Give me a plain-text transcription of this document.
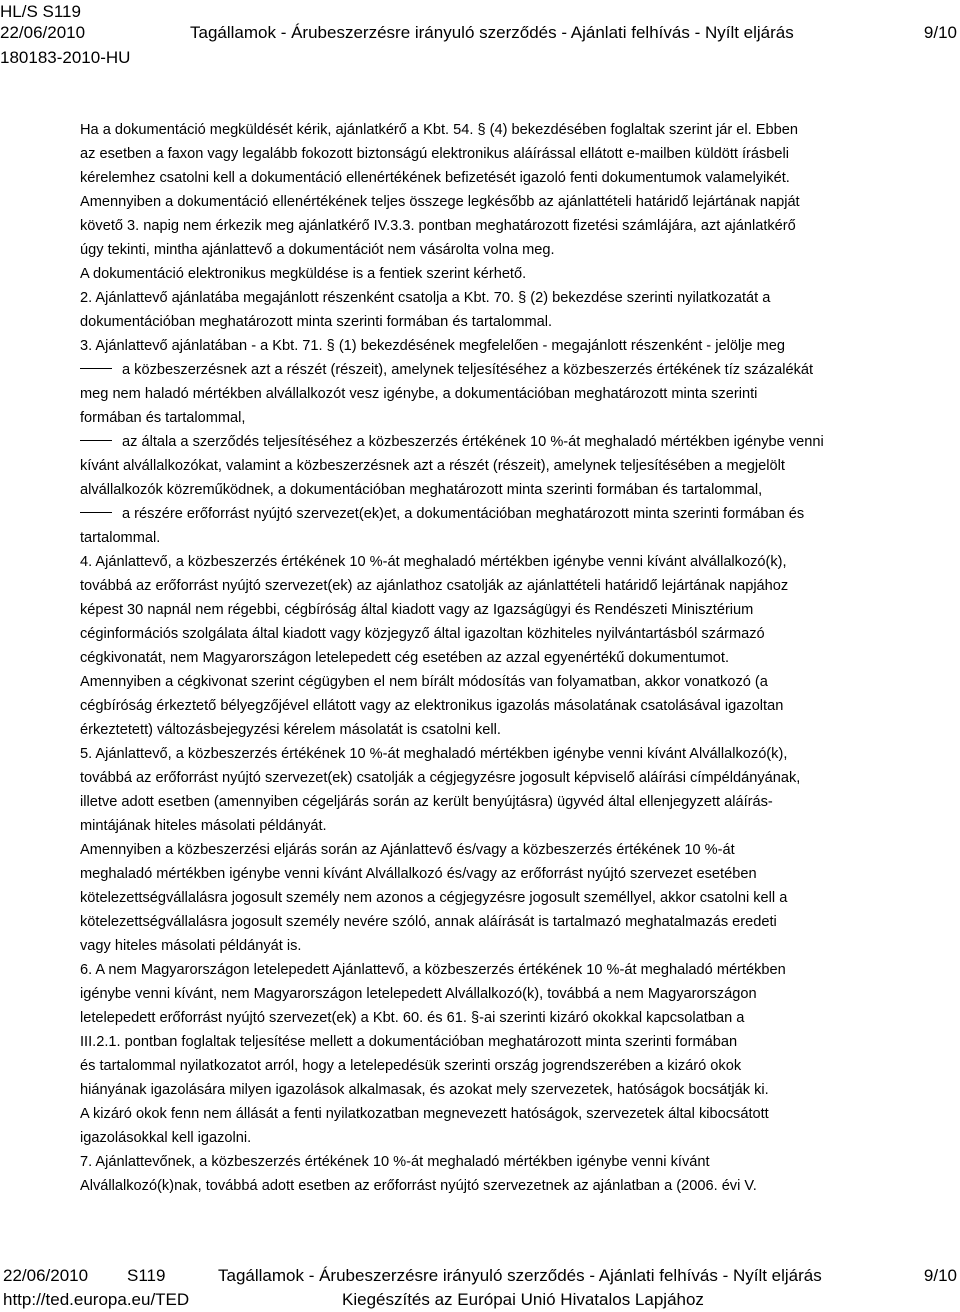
HL/S S119
22/06/2010	Tagállamok - Árubeszerzésre irányuló szerződés - Ajánlati felhívás - Nyílt eljárás	9/10
180183-2010-HU
Ha a dokumentáció megküldését kérik, ajánlatkérő a Kbt. 54. § (4) bekezdésében foglaltak szerint jár el. Ebben
az esetben a faxon vagy legalább fokozott biztonságú elektronikus aláírással ellátott e-mailben küldött írásbeli
kérelemhez csatolni kell a dokumentáció ellenértékének befizetését igazoló fenti dokumentumok valamelyikét.
Amennyiben a dokumentáció ellenértékének teljes összege legkésőbb az ajánlattételi határidő lejártának napját
követő 3. napig nem érkezik meg ajánlatkérő IV.3.3. pontban meghatározott fizetési számlájára, azt ajánlatkérő
úgy tekinti, mintha ajánlattevő a dokumentációt nem vásárolta volna meg.
A dokumentáció elektronikus megküldése is a fentiek szerint kérhető.
2. Ajánlattevő ajánlatába megajánlott részenként csatolja a Kbt. 70. § (2) bekezdése szerinti nyilatkozatát a
dokumentációban meghatározott minta szerinti formában és tartalommal.
3. Ajánlattevő ajánlatában - a Kbt. 71. § (1) bekezdésének megfelelően - megajánlott részenként - jelölje meg
a közbeszerzésnek azt a részét (részeit), amelynek teljesítéséhez a közbeszerzés értékének tíz százalékát
meg nem haladó mértékben alvállalkozót vesz igénybe, a dokumentációban meghatározott minta szerinti
formában és tartalommal,
az általa a szerződés teljesítéséhez a közbeszerzés értékének 10 %-át meghaladó mértékben igénybe venni
kívánt alvállalkozókat, valamint a közbeszerzésnek azt a részét (részeit), amelynek teljesítésében a megjelölt
alvállalkozók közreműködnek, a dokumentációban meghatározott minta szerinti formában és tartalommal,
a részére erőforrást nyújtó szervezet(ek)et, a dokumentációban meghatározott minta szerinti formában és
tartalommal.
4. Ajánlattevő, a közbeszerzés értékének 10 %-át meghaladó mértékben igénybe venni kívánt alvállalkozó(k),
továbbá az erőforrást nyújtó szervezet(ek) az ajánlathoz csatolják az ajánlattételi határidő lejártának napjához
képest 30 napnál nem régebbi, cégbíróság által kiadott vagy az Igazságügyi és Rendészeti Minisztérium
céginformációs szolgálata által kiadott vagy közjegyző által igazoltan közhiteles nyilvántartásból származó
cégkivonatát, nem Magyarországon letelepedett cég esetében az azzal egyenértékű dokumentumot.
Amennyiben a cégkivonat szerint cégügyben el nem bírált módosítás van folyamatban, akkor vonatkozó (a
cégbíróság érkeztető bélyegzőjével ellátott vagy az elektronikus igazolás másolatának csatolásával igazoltan
érkeztetett) változásbejegyzési kérelem másolatát is csatolni kell.
5. Ajánlattevő, a közbeszerzés értékének 10 %-át meghaladó mértékben igénybe venni kívánt Alvállalkozó(k),
továbbá az erőforrást nyújtó szervezet(ek) csatolják a cégjegyzésre jogosult képviselő aláírási címpéldányának,
illetve adott esetben (amennyiben cégeljárás során az került benyújtásra) ügyvéd által ellenjegyzett aláírás-
mintájának hiteles másolati példányát.
Amennyiben a közbeszerzési eljárás során az Ajánlattevő és/vagy a közbeszerzés értékének 10 %-át
meghaladó mértékben igénybe venni kívánt Alvállalkozó és/vagy az erőforrást nyújtó szervezet esetében
kötelezettségvállalásra jogosult személy nem azonos a cégjegyzésre jogosult személlyel, akkor csatolni kell a
kötelezettségvállalásra jogosult személy nevére szóló, annak aláírását is tartalmazó meghatalmazás eredeti
vagy hiteles másolati példányát is.
6. A nem Magyarországon letelepedett Ajánlattevő, a közbeszerzés értékének 10 %-át meghaladó mértékben
igénybe venni kívánt, nem Magyarországon letelepedett Alvállalkozó(k), továbbá a nem Magyarországon
letelepedett erőforrást nyújtó szervezet(ek) a Kbt. 60. és 61. §-ai szerinti kizáró okokkal kapcsolatban a
III.2.1. pontban foglaltak teljesítése mellett a dokumentációban meghatározott minta szerinti formában
és tartalommal nyilatkozatot arról, hogy a letelepedésük szerinti ország jogrendszerében a kizáró okok
hiányának igazolására milyen igazolások alkalmasak, és azokat mely szervezetek, hatóságok bocsátják ki.
A kizáró okok fenn nem állását a fenti nyilatkozatban megnevezett hatóságok, szervezetek által kibocsátott
igazolásokkal kell igazolni.
7. Ajánlattevőnek, a közbeszerzés értékének 10 %-át meghaladó mértékben igénybe venni kívánt
Alvállalkozó(k)nak, továbbá adott esetben az erőforrást nyújtó szervezetnek az ajánlatban a (2006. évi V.
22/06/2010 S119	Tagállamok - Árubeszerzésre irányuló szerződés - Ajánlati felhívás - Nyílt eljárás	9/10
http://ted.europa.eu/TED	Kiegészítés az Európai Unió Hivatalos Lapjához
